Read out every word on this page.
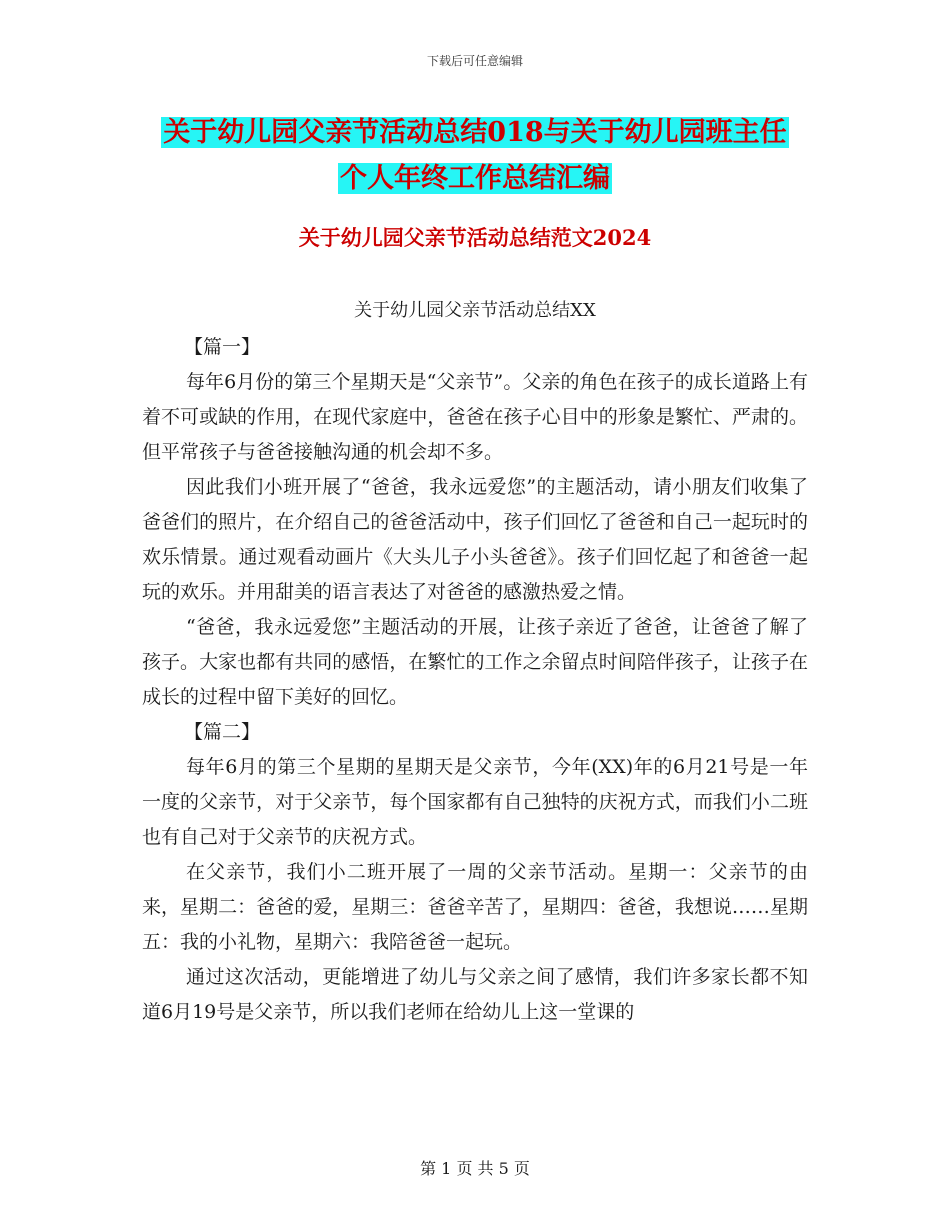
下载后可任意编辑
关于幼儿园父亲节活动总结018与关于幼儿园班主任
个人年终工作总结汇编
关于幼儿园父亲节活动总结范文2024
关于幼儿园父亲节活动总结XX

【篇一】

每年6月份的第三个星期天是“父亲节”。父亲的角色在孩子的成长道路上有着不可或缺的作用，在现代家庭中，爸爸在孩子心目中的形象是繁忙、严肃的。但平常孩子与爸爸接触沟通的机会却不多。

因此我们小班开展了“爸爸，我永远爱您”的主题活动，请小朋友们收集了爸爸们的照片，在介绍自己的爸爸活动中，孩子们回忆了爸爸和自己一起玩时的欢乐情景。通过观看动画片《大头儿子小头爸爸》。孩子们回忆起了和爸爸一起玩的欢乐。并用甜美的语言表达了对爸爸的感激热爱之情。

“爸爸，我永远爱您”主题活动的开展，让孩子亲近了爸爸，让爸爸了解了孩子。大家也都有共同的感悟，在繁忙的工作之余留点时间陪伴孩子，让孩子在成长的过程中留下美好的回忆。

【篇二】

每年6月的第三个星期的星期天是父亲节，今年(XX)年的6月21号是一年一度的父亲节，对于父亲节，每个国家都有自己独特的庆祝方式，而我们小二班也有自己对于父亲节的庆祝方式。

在父亲节，我们小二班开展了一周的父亲节活动。星期一：父亲节的由来，星期二：爸爸的爱，星期三：爸爸辛苦了，星期四：爸爸，我想说……星期五：我的小礼物，星期六：我陪爸爸一起玩。

通过这次活动，更能增进了幼儿与父亲之间了感情，我们许多家长都不知道6月19号是父亲节，所以我们老师在给幼儿上这一堂课的

第 1 页 共 5 页
